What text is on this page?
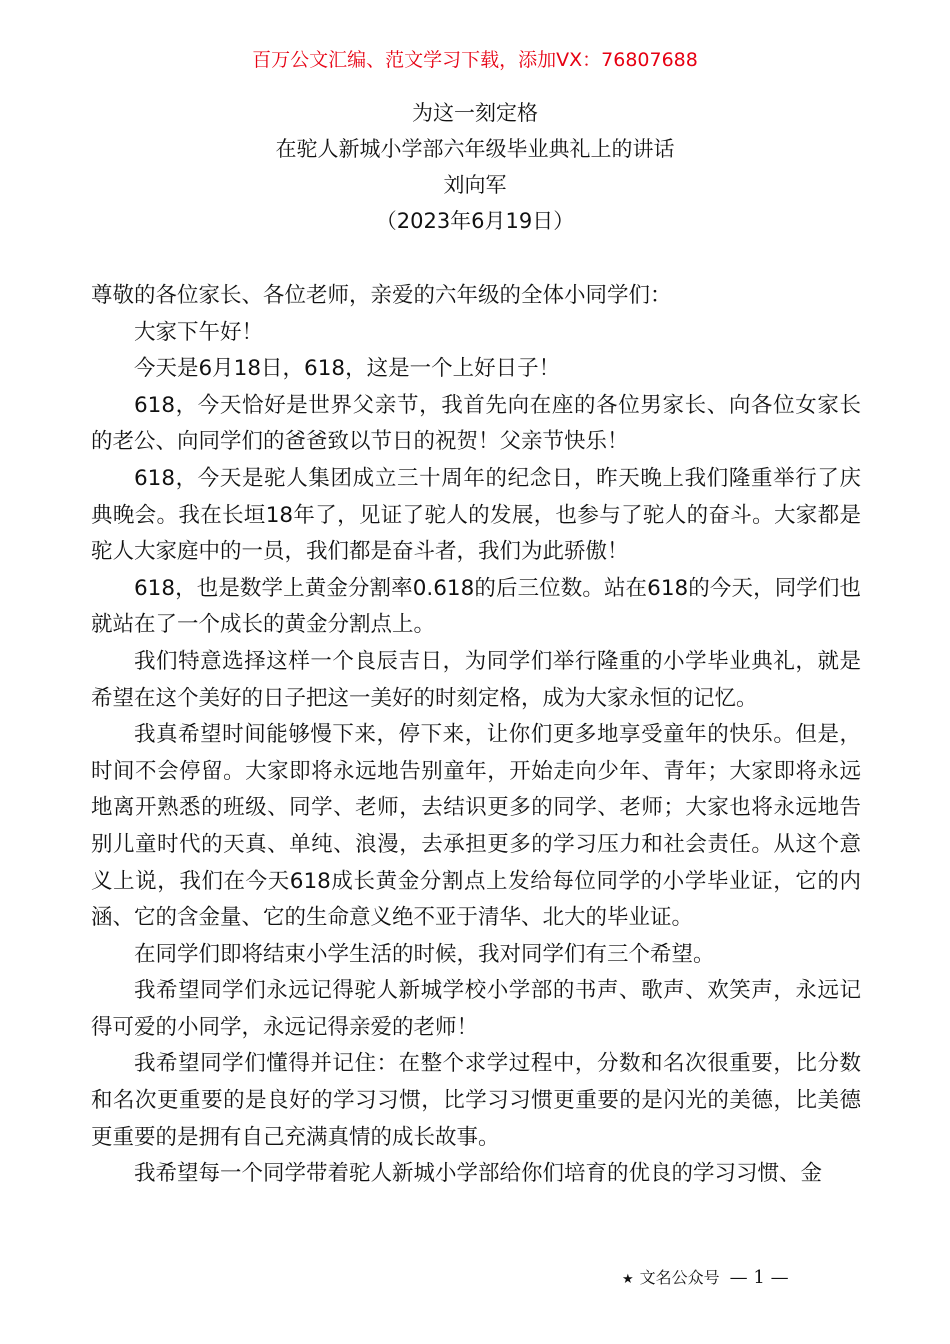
百万公文汇编、范文学习下载，添加VX：76807688
为这一刻定格
在驼人新城小学部六年级毕业典礼上的讲话
刘向军
（2023年6月19日）

尊敬的各位家长、各位老师，亲爱的六年级的全体小同学们：

大家下午好！

今天是6月18日，618，这是一个上好日子！

618，今天恰好是世界父亲节，我首先向在座的各位男家长、向各位女家长的老公、向同学们的爸爸致以节日的祝贺！父亲节快乐！

618，今天是驼人集团成立三十周年的纪念日，昨天晚上我们隆重举行了庆典晚会。我在长垣18年了，见证了驼人的发展，也参与了驼人的奋斗。大家都是驼人大家庭中的一员，我们都是奋斗者，我们为此骄傲！

618，也是数学上黄金分割率0.618的后三位数。站在618的今天，同学们也就站在了一个成长的黄金分割点上。

我们特意选择这样一个良辰吉日，为同学们举行隆重的小学毕业典礼，就是希望在这个美好的日子把这一美好的时刻定格，成为大家永恒的记忆。

我真希望时间能够慢下来，停下来，让你们更多地享受童年的快乐。但是，时间不会停留。大家即将永远地告别童年，开始走向少年、青年；大家即将永远地离开熟悉的班级、同学、老师，去结识更多的同学、老师；大家也将永远地告别儿童时代的天真、单纯、浪漫，去承担更多的学习压力和社会责任。从这个意义上说，我们在今天618成长黄金分割点上发给每位同学的小学毕业证，它的内涵、它的含金量、它的生命意义绝不亚于清华、北大的毕业证。

在同学们即将结束小学生活的时候，我对同学们有三个希望。

我希望同学们永远记得驼人新城学校小学部的书声、歌声、欢笑声，永远记得可爱的小同学，永远记得亲爱的老师！

我希望同学们懂得并记住：在整个求学过程中，分数和名次很重要，比分数和名次更重要的是良好的学习习惯，比学习习惯更重要的是闪光的美德，比美德更重要的是拥有自己充满真情的成长故事。

我希望每一个同学带着驼人新城小学部给你们培育的优良的学习习惯、金

★ 文名公众号 — 1 —
